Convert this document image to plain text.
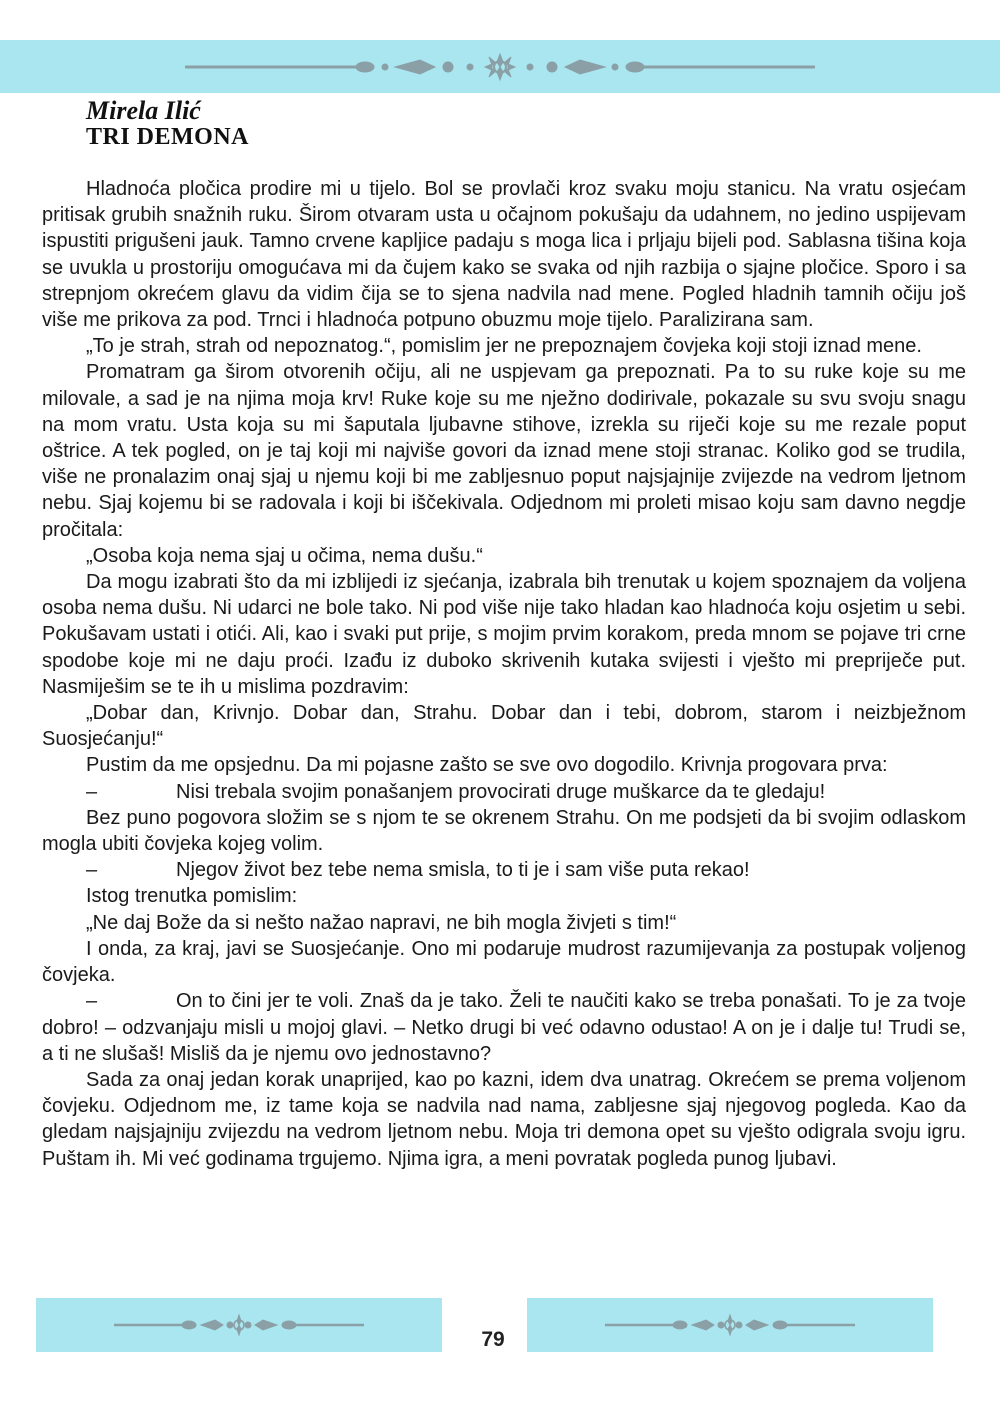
Mirela Ilić
TRI DEMONA

Hladnoća pločica prodire mi u tijelo. Bol se provlači kroz svaku moju stanicu. Na vratu osjećam pritisak grubih snažnih ruku. Širom otvaram usta u očajnom pokušaju da udahnem, no jedino uspijevam ispustiti prigušeni jauk. Tamno crvene kapljice padaju s moga lica i prljaju bijeli pod. Sablasna tišina koja se uvukla u prostoriju omogućava mi da čujem kako se svaka od njih razbija o sjajne pločice. Sporo i sa strepnjom okrećem glavu da vidim čija se to sjena nadvila nad mene. Pogled hladnih tamnih očiju još više me prikova za pod. Trnci i hladnoća potpuno obuzmu moje tijelo. Paralizirana sam.

„To je strah, strah od nepoznatog.“, pomislim jer ne prepoznajem čovjeka koji stoji iznad mene.

Promatram ga širom otvorenih očiju, ali ne uspjevam ga prepoznati. Pa to su ruke koje su me milovale, a sad je na njima moja krv! Ruke koje su me nježno dodirivale, pokazale su svu svoju snagu na mom vratu. Usta koja su mi šaputala ljubavne stihove, izrekla su riječi koje su me rezale poput oštrice. A tek pogled, on je taj koji mi najviše govori da iznad mene stoji stranac. Koliko god se trudila, više ne pronalazim onaj sjaj u njemu koji bi me zabljesnuo poput najsjajnije zvijezde na vedrom ljetnom nebu. Sjaj kojemu bi se radovala i koji bi iščekivala. Odjednom mi proleti misao koju sam davno negdje pročitala:

„Osoba koja nema sjaj u očima, nema dušu.“

Da mogu izabrati što da mi izblijedi iz sjećanja, izabrala bih trenutak u kojem spoznajem da voljena osoba nema dušu. Ni udarci ne bole tako. Ni pod više nije tako hladan kao hladnoća koju osjetim u sebi. Pokušavam ustati i otići. Ali, kao i svaki put prije, s mojim prvim korakom, preda mnom se pojave tri crne spodobe koje mi ne daju proći. Izađu iz duboko skrivenih kutaka svijesti i vješto mi prepriječe put. Nasmiješim se te ih u mislima pozdravim:

„Dobar dan, Krivnjo. Dobar dan, Strahu. Dobar dan i tebi, dobrom, starom i neizbježnom Suosjećanju!“

Pustim da me opsjednu. Da mi pojasne zašto se sve ovo dogodilo. Krivnja progovara prva:

–	Nisi trebala svojim ponašanjem provocirati druge muškarce da te gledaju!

Bez puno pogovora složim se s njom te se okrenem Strahu. On me podsjeti da bi svojim odlaskom mogla ubiti čovjeka kojeg volim.

–	Njegov život bez tebe nema smisla, to ti je i sam više puta rekao!

Istog trenutka pomislim:

„Ne daj Bože da si nešto nažao napravi, ne bih mogla živjeti s tim!“

I onda, za kraj, javi se Suosjećanje. Ono mi podaruje mudrost razumijevanja za postupak voljenog čovjeka.

–	On to čini jer te voli. Znaš da je tako. Želi te naučiti kako se treba ponašati. To je za tvoje dobro! – odzvanjaju misli u mojoj glavi. – Netko drugi bi već odavno odustao! A on je i dalje tu! Trudi se, a ti ne slušaš! Misliš da je njemu ovo jednostavno?

Sada za onaj jedan korak unaprijed, kao po kazni, idem dva unatrag. Okrećem se prema voljenom čovjeku. Odjednom me, iz tame koja se nadvila nad nama, zabljesne sjaj njegovog pogleda. Kao da gledam najsjajniju zvijezdu na vedrom ljetnom nebu. Moja tri demona opet su vješto odigrala svoju igru. Puštam ih. Mi već godinama trgujemo. Njima igra, a meni povratak pogleda punog ljubavi.

79
